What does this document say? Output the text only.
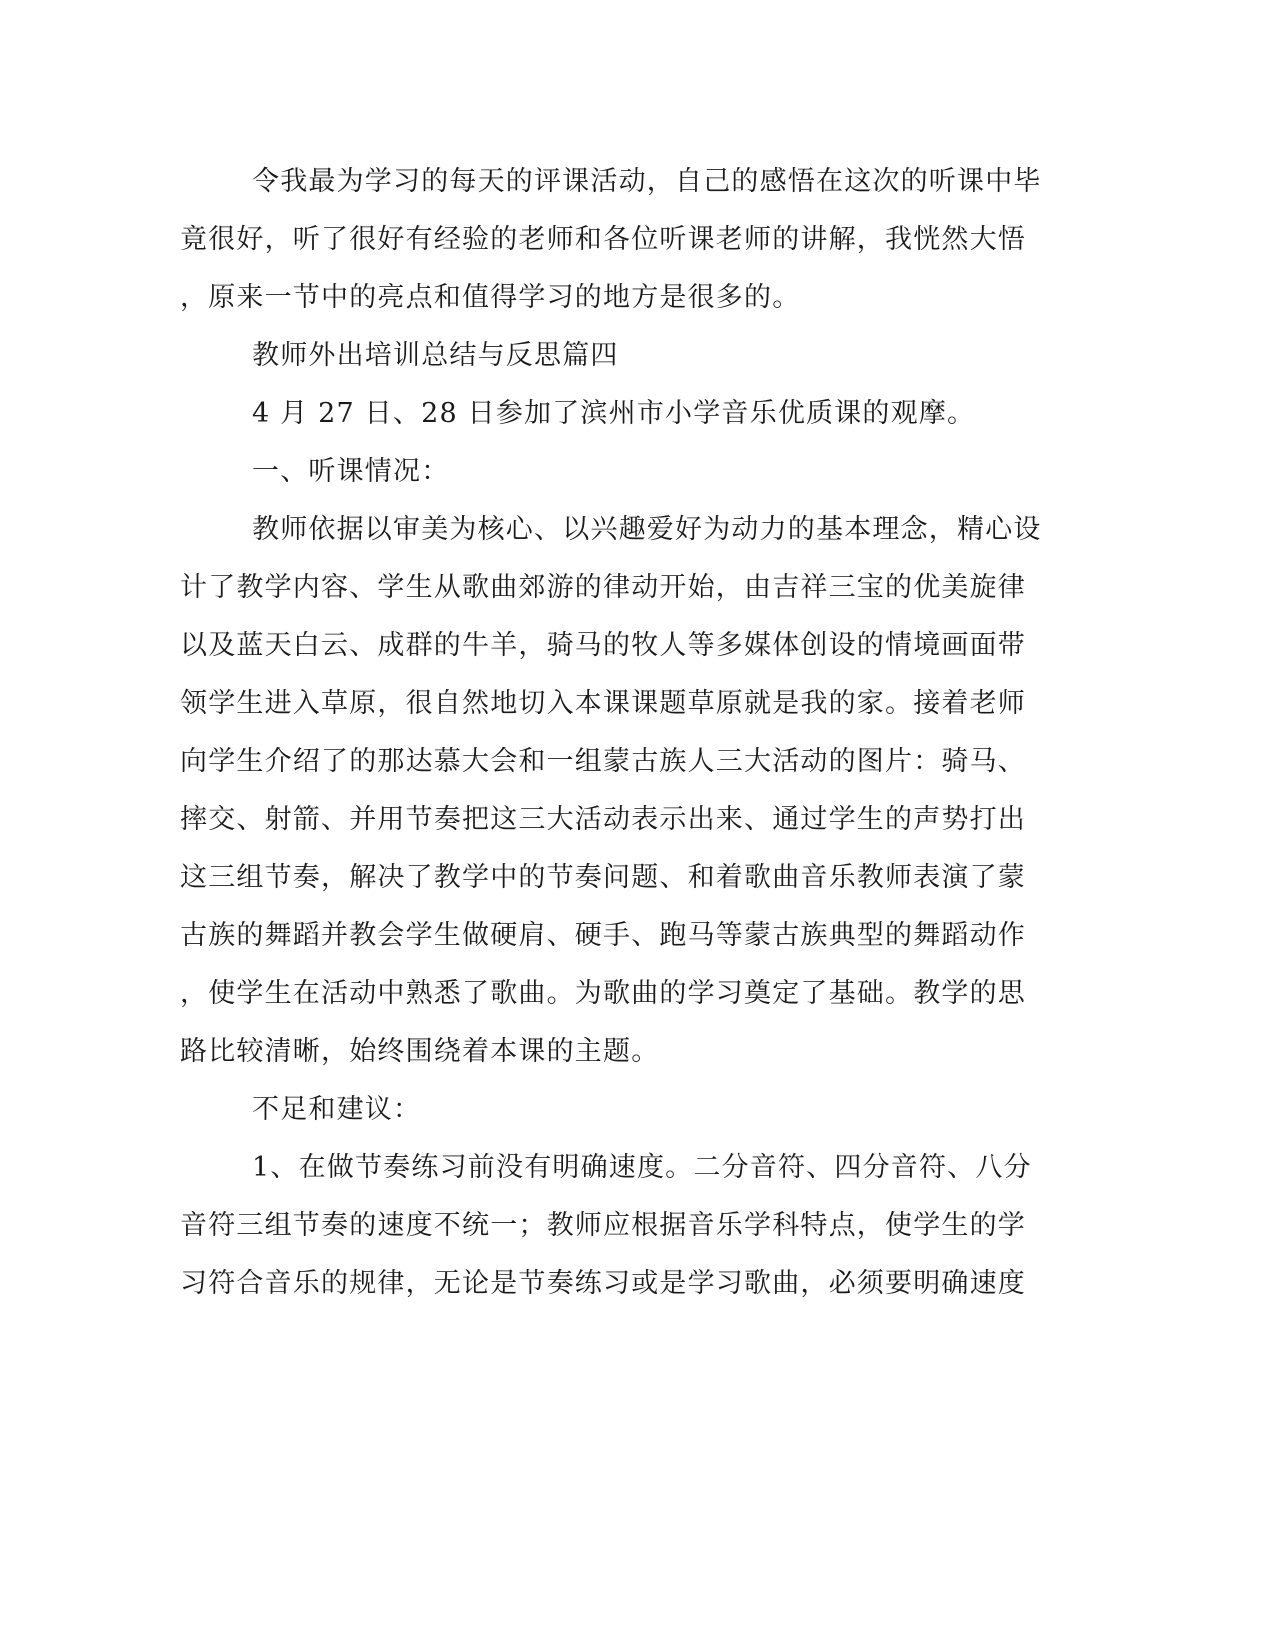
令我最为学习的每天的评课活动，自己的感悟在这次的听课中毕
竟很好，听了很好有经验的老师和各位听课老师的讲解，我恍然大悟
，原来一节中的亮点和值得学习的地方是很多的。
教师外出培训总结与反思篇四
4 月 27 日、28 日参加了滨州市小学音乐优质课的观摩。
一、听课情况：
教师依据以审美为核心、以兴趣爱好为动力的基本理念，精心设
计了教学内容、学生从歌曲郊游的律动开始，由吉祥三宝的优美旋律
以及蓝天白云、成群的牛羊，骑马的牧人等多媒体创设的情境画面带
领学生进入草原，很自然地切入本课课题草原就是我的家。接着老师
向学生介绍了的那达慕大会和一组蒙古族人三大活动的图片：骑马、
摔交、射箭、并用节奏把这三大活动表示出来、通过学生的声势打出
这三组节奏，解决了教学中的节奏问题、和着歌曲音乐教师表演了蒙
古族的舞蹈并教会学生做硬肩、硬手、跑马等蒙古族典型的舞蹈动作
，使学生在活动中熟悉了歌曲。为歌曲的学习奠定了基础。教学的思
路比较清晰，始终围绕着本课的主题。
不足和建议：
1、在做节奏练习前没有明确速度。二分音符、四分音符、八分
音符三组节奏的速度不统一；教师应根据音乐学科特点，使学生的学
习符合音乐的规律，无论是节奏练习或是学习歌曲，必须要明确速度
